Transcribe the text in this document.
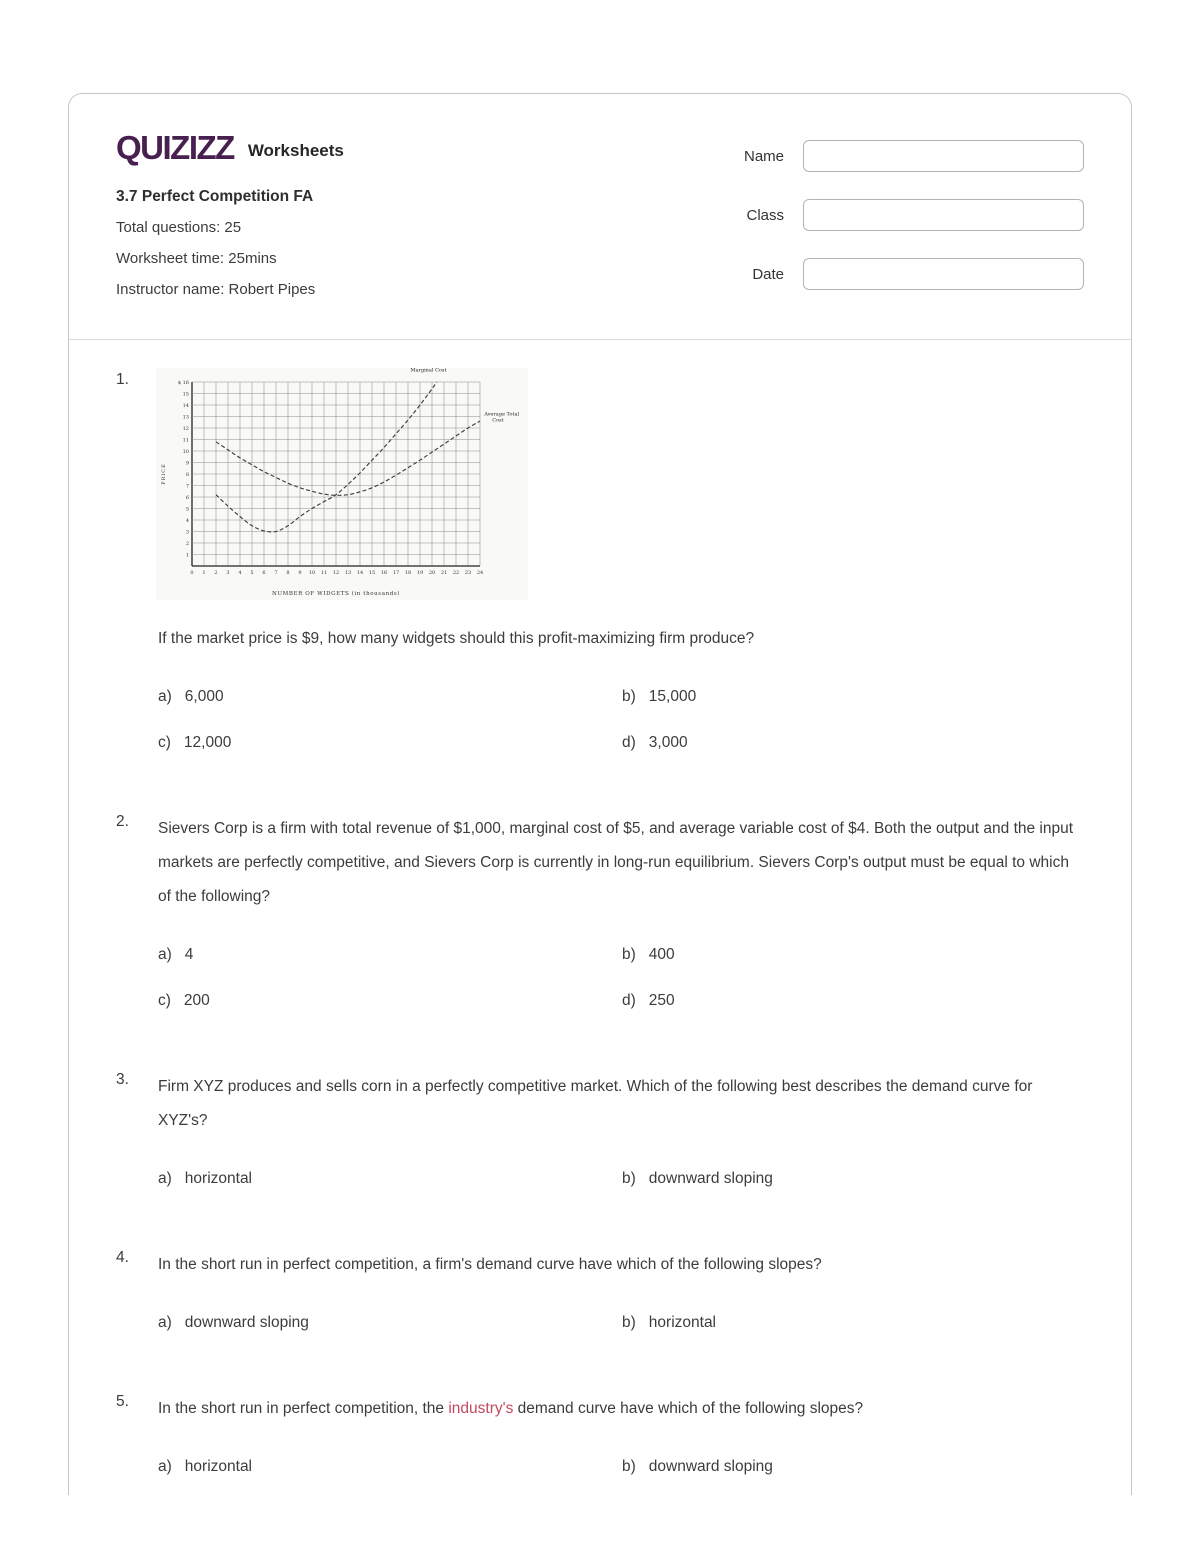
QUIZIZZ Worksheets
3.7 Perfect Competition FA
Total questions: 25
Worksheet time: 25mins
Instructor name: Robert Pipes
Name
Class
Date
1.
0 1 2 3 4 5 6 7 8 9 10 11 12 13 14 15 16 17 18 19 20 21 22 23 24
$ 16
15
14
13
12
11
10
9
8
7
6
5
4
3
2
1
PRICE
NUMBER OF WIDGETS (in thousands)
Marginal Cost
Average Total Cost

If the market price is $9, how many widgets should this profit-maximizing firm produce?

a) 6,000	b) 15,000
c) 12,000	d) 3,000
2.	Sievers Corp is a firm with total revenue of $1,000, marginal cost of $5, and average variable cost of $4. Both the output and the input markets are perfectly competitive, and Sievers Corp is currently in long-run equilibrium. Sievers Corp's output must be equal to which of the following?

a) 4	b) 400
c) 200	d) 250
3.	Firm XYZ produces and sells corn in a perfectly competitive market. Which of the following best describes the demand curve for XYZ's?

a) horizontal	b) downward sloping
4.	In the short run in perfect competition, a firm's demand curve have which of the following slopes?

a) downward sloping	b) horizontal
5.	In the short run in perfect competition, the industry's demand curve have which of the following slopes?

a) horizontal	b) downward sloping
